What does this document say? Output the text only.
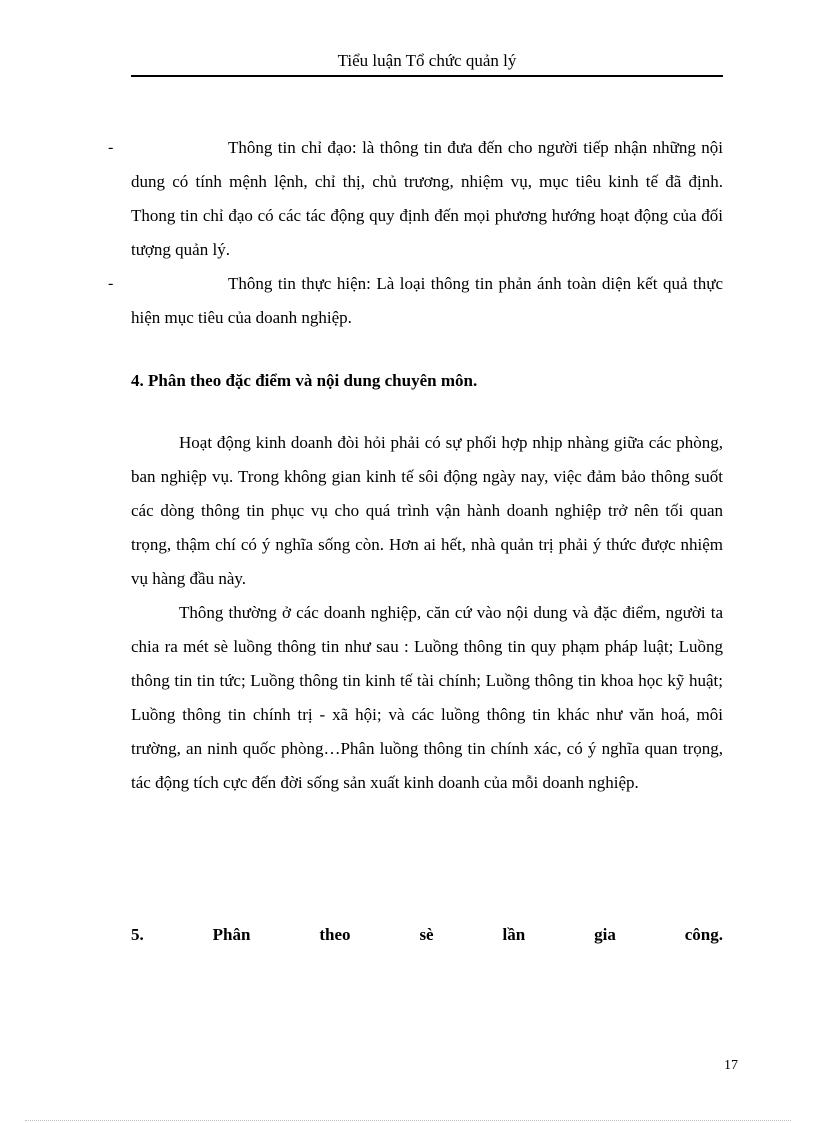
Tiểu luận Tổ chức quản lý
-	Thông tin chỉ đạo: là thông tin đưa đến cho người tiếp nhận những nội dung có tính mệnh lệnh, chỉ thị, chủ trương, nhiệm vụ, mục tiêu kinh tế đã định. Thong tin chỉ đạo có các tác động quy định đến mọi phương hướng hoạt động của đối tượng quản lý.

-	Thông tin thực hiện: Là loại thông tin phản ánh toàn diện kết quả thực hiện mục tiêu của doanh nghiệp.

4. Phân theo đặc điểm và nội dung chuyên môn.

Hoạt động kinh doanh đòi hỏi phải có sự phối hợp nhịp nhàng giữa các phòng, ban nghiệp vụ. Trong không gian kinh tế sôi động ngày nay, việc đảm bảo thông suốt các dòng thông tin phục vụ cho quá trình vận hành doanh nghiệp trở nên tối quan trọng, thậm chí có ý nghĩa sống còn. Hơn ai hết, nhà quản trị phải ý thức được nhiệm vụ hàng đầu này.

Thông thường ở các doanh nghiệp, căn cứ vào nội dung và đặc điểm, người ta chia ra mét sè luồng thông tin như sau : Luồng thông tin quy phạm pháp luật; Luồng thông tin tin tức; Luồng thông tin kinh tế tài chính; Luồng thông tin khoa học kỹ huật; Luồng thông tin chính trị - xã hội; và các luồng thông tin khác như văn hoá, môi trường, an ninh quốc phòng…Phân luồng thông tin chính xác, có ý nghĩa quan trọng, tác động tích cực đến đời sống sản xuất kinh doanh của mỗi doanh nghiệp.

5.	Phân	theo	sè	lần	gia	công.
17
